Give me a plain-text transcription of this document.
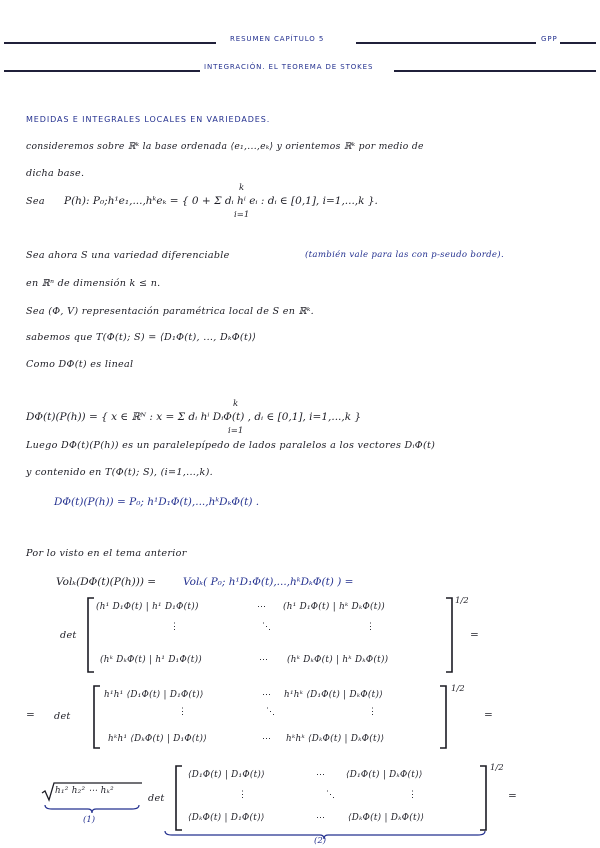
RESUMEN CAPÍTULO 5	GPP
INTEGRACIÓN. EL TEOREMA DE STOKES
MEDIDAS E INTEGRALES LOCALES EN VARIEDADES.
consideremos sobre ℝᵏ la base ordenada ⟨e₁,...,eₖ⟩ y orientemos ℝᵏ por medio de
dicha base.
Sea P(h): P₀;h¹e₁,...,hᵏeₖ = { 0 + Σ dᵢ hⁱ eᵢ : dᵢ ∈ [0,1], i=1,...,k }.
k
i=1
Sea ahora S una variedad diferenciable	(también vale para las con p-seudo borde).
en ℝⁿ de dimensión k ≤ n.
Sea (Φ, V) representación paramétrica local de S en ℝᵏ.
sabemos que T(Φ(t); S) = ⟨D₁Φ(t), ..., DₖΦ(t)⟩
Como DΦ(t) es lineal
DΦ(t)(P(h)) = { x ∈ ℝᴺ : x = Σ dᵢ hⁱ DᵢΦ(t) , dᵢ ∈ [0,1], i=1,...,k }
k
i=1
Luego DΦ(t)(P(h)) es un paralelepípedo de lados paralelos a los vectores DᵢΦ(t)
y contenido en T(Φ(t); S), (i=1,...,k).
DΦ(t)(P(h)) = P₀; h¹D₁Φ(t),...,hᵏDₖΦ(t) .
Por lo visto en el tema anterior
Volₖ(DΦ(t)(P(h))) =	Volₖ( P₀; h¹D₁Φ(t),...,hᵏDₖΦ(t) ) =
det
1/2
=
(h¹ D₁Φ(t) | h¹ D₁Φ(t))	⋯ (h¹ D₁Φ(t) | hᵏ DₖΦ(t))
⋮	⋱	⋮
(hᵏ DₖΦ(t) | h¹ D₁Φ(t))	⋯ (hᵏ DₖΦ(t) | hᵏ DₖΦ(t))
= det
1/2
=
h¹h¹ ⟨D₁Φ(t) | D₁Φ(t)⟩	⋯ h¹hᵏ ⟨D₁Φ(t) | DₖΦ(t)⟩
⋮	⋱	⋮
hᵏh¹ ⟨DₖΦ(t) | D₁Φ(t)⟩	⋯ hᵏhᵏ ⟨DₖΦ(t) | DₖΦ(t)⟩
h₁² h₂² ⋯ hₖ²
(1)
det
1/2
=
⟨D₁Φ(t) | D₁Φ(t)⟩	⋯ ⟨D₁Φ(t) | DₖΦ(t)⟩
⋮	⋱	⋮
⟨DₖΦ(t) | D₁Φ(t)⟩	⋯	⟨DₖΦ(t) | DₖΦ(t)⟩
(2)
